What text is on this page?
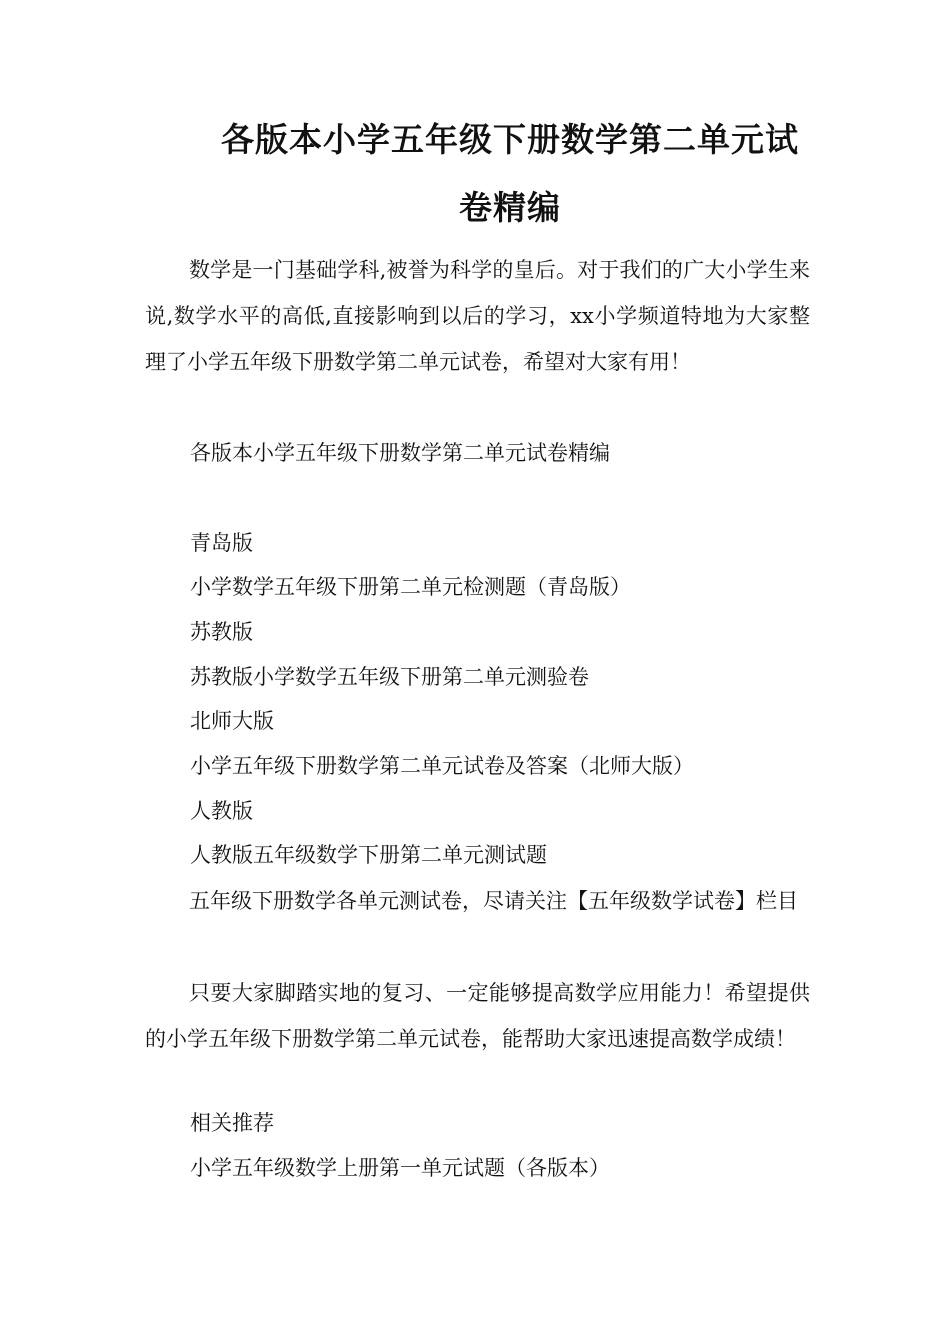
各版本小学五年级下册数学第二单元试
卷精编

数学是一门基础学科,被誉为科学的皇后。对于我们的广大小学生来说,数学水平的高低,直接影响到以后的学习，xx小学频道特地为大家整理了小学五年级下册数学第二单元试卷，希望对大家有用！

各版本小学五年级下册数学第二单元试卷精编

青岛版

小学数学五年级下册第二单元检测题（青岛版）

苏教版

苏教版小学数学五年级下册第二单元测验卷

北师大版

小学五年级下册数学第二单元试卷及答案（北师大版）

人教版

人教版五年级数学下册第二单元测试题

五年级下册数学各单元测试卷，尽请关注【五年级数学试卷】栏目

只要大家脚踏实地的复习、一定能够提高数学应用能力！希望提供的小学五年级下册数学第二单元试卷，能帮助大家迅速提高数学成绩！

相关推荐

小学五年级数学上册第一单元试题（各版本）
